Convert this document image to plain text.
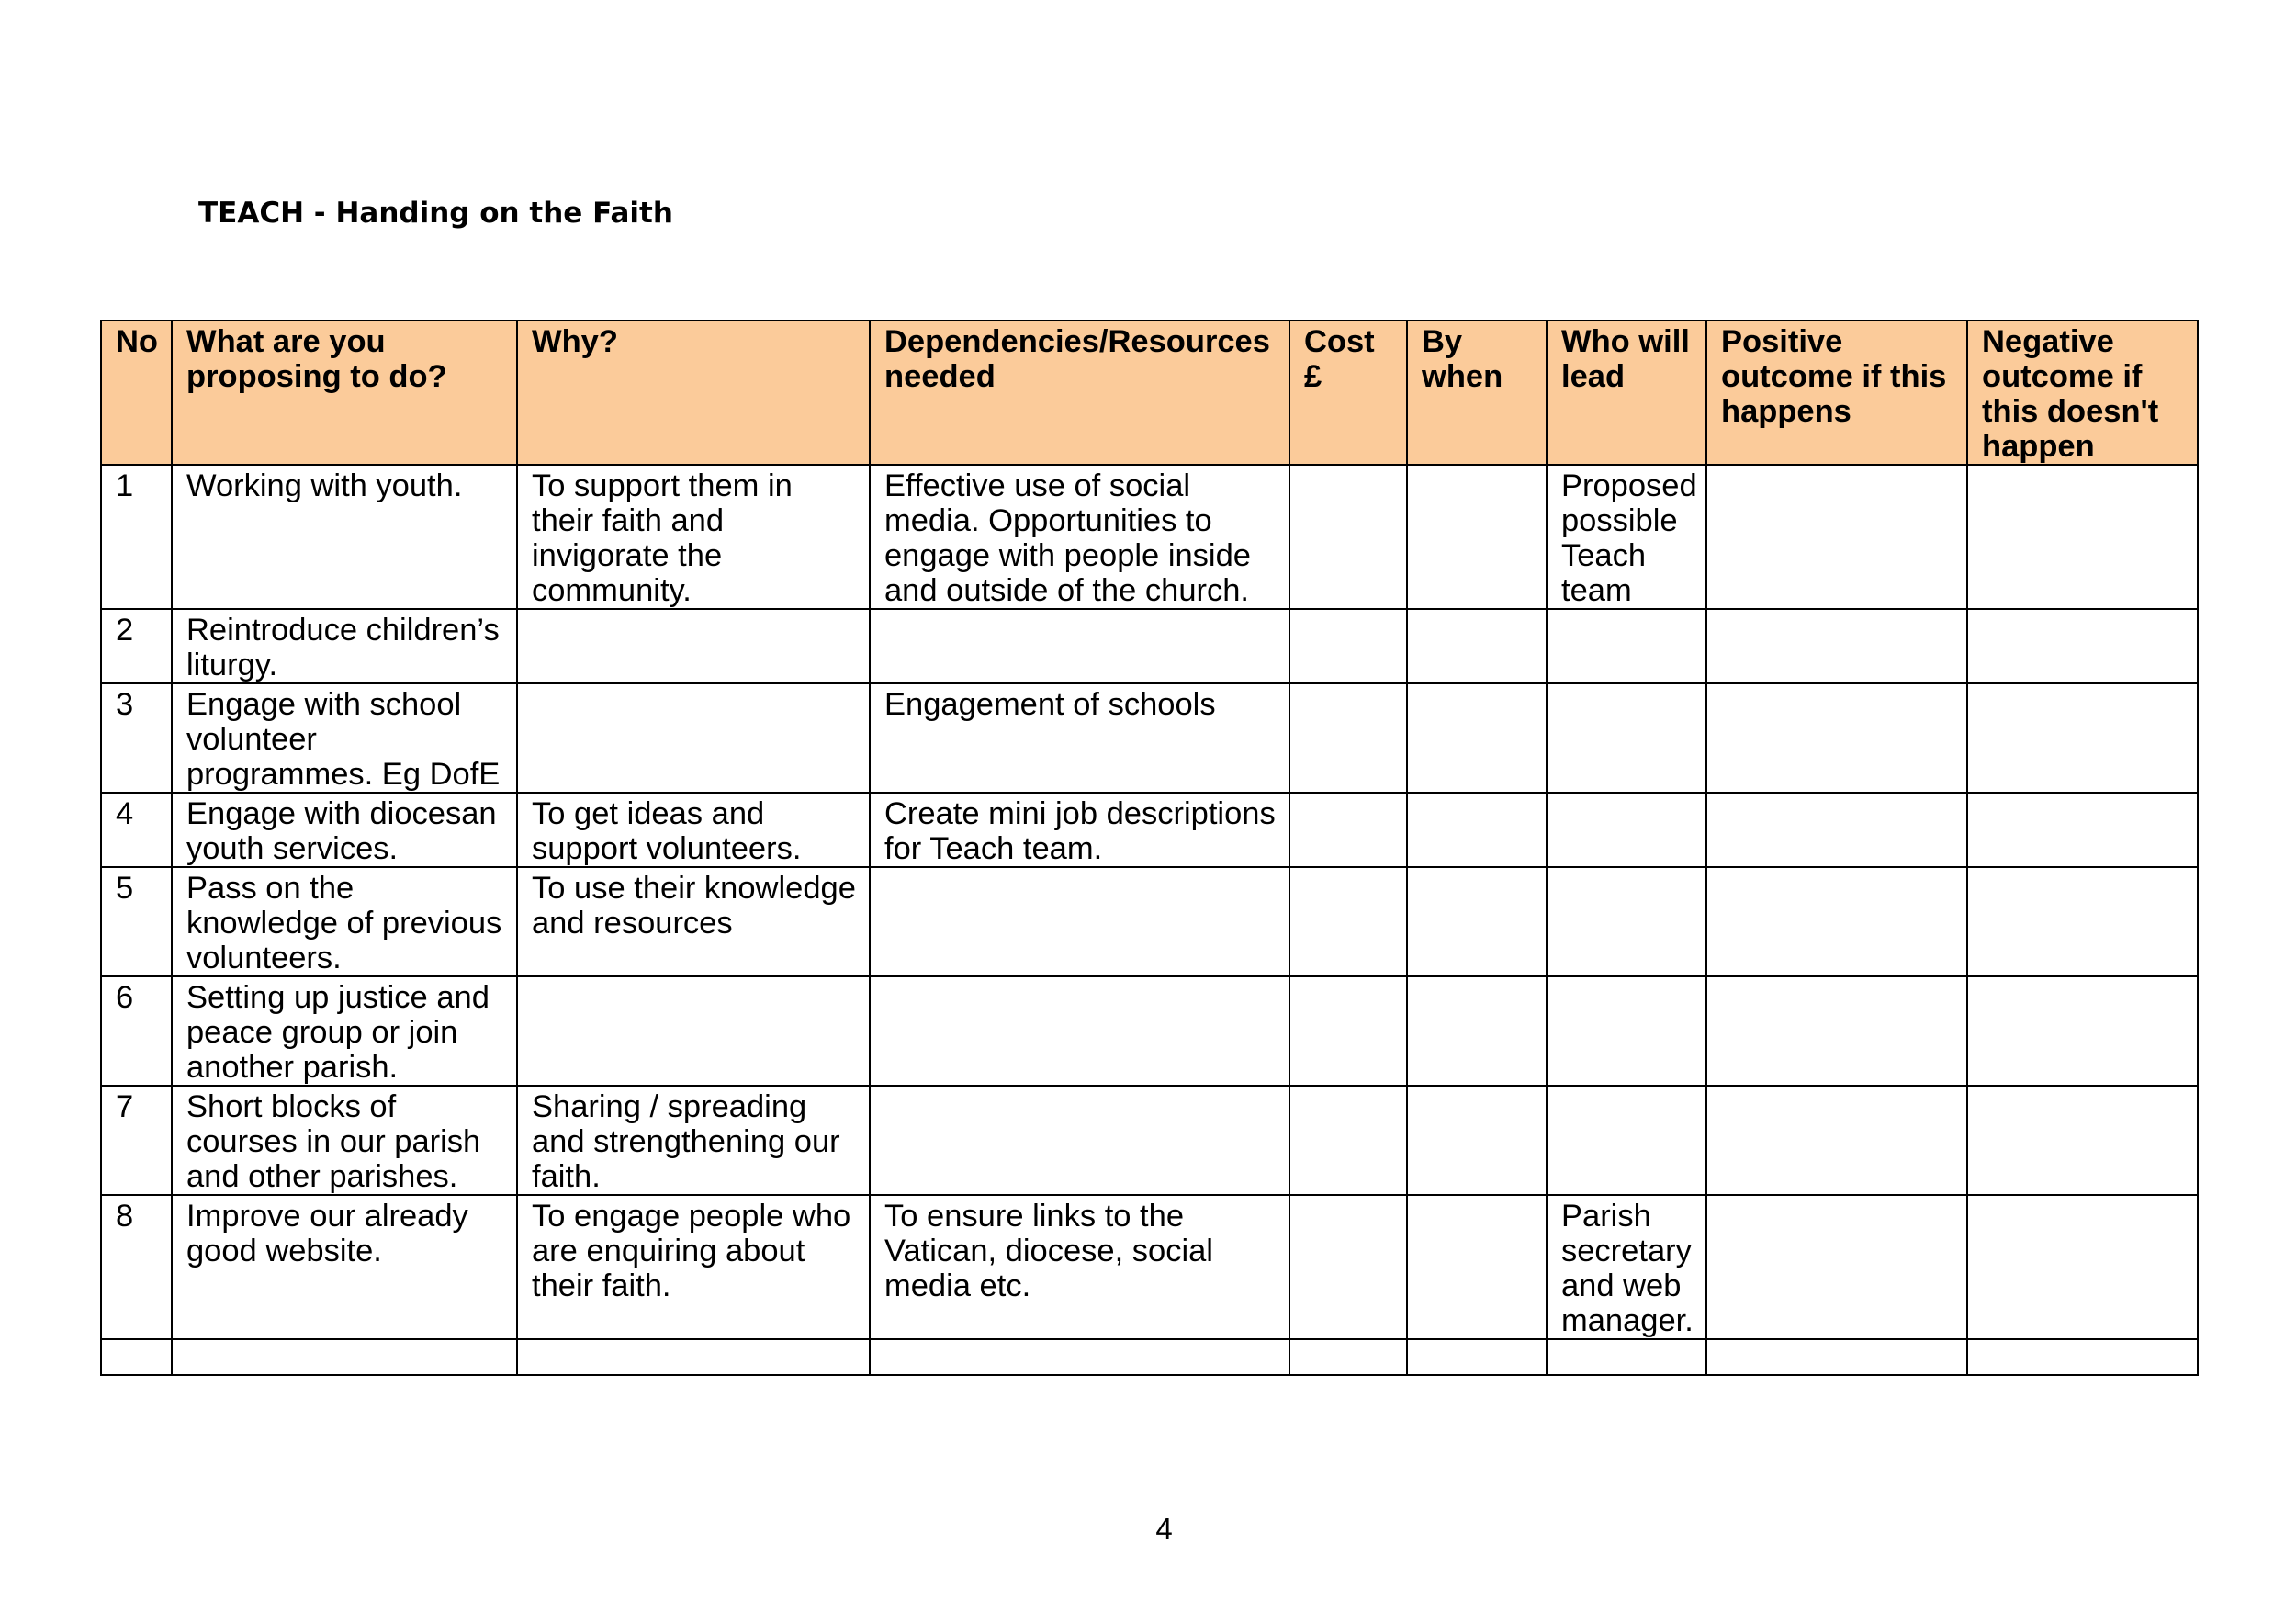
TEACH - Handing on the Faith
No	What are you proposing to do?	Why?	Dependencies/Resources needed	Cost £	By when	Who will lead	Positive outcome if this happens	Negative outcome if this doesn't happen
1	Working with youth.	To support them in their faith and invigorate the community.	Effective use of social media. Opportunities to engage with people inside and outside of the church.			Proposed possible Teach team		
2	Reintroduce children’s liturgy.							
3	Engage with school volunteer programmes. Eg DofE		Engagement of schools					
4	Engage with diocesan youth services.	To get ideas and support volunteers.	Create mini job descriptions for Teach team.					
5	Pass on the knowledge of previous volunteers.	To use their knowledge and resources						
6	Setting up justice and peace group or join another parish.							
7	Short blocks of courses in our parish and other parishes.	Sharing / spreading and strengthening our faith.						
8	Improve our already good website.	To engage people who are enquiring about their faith.	To ensure links to the Vatican, diocese, social media etc.			Parish secretary and web manager.		

4
